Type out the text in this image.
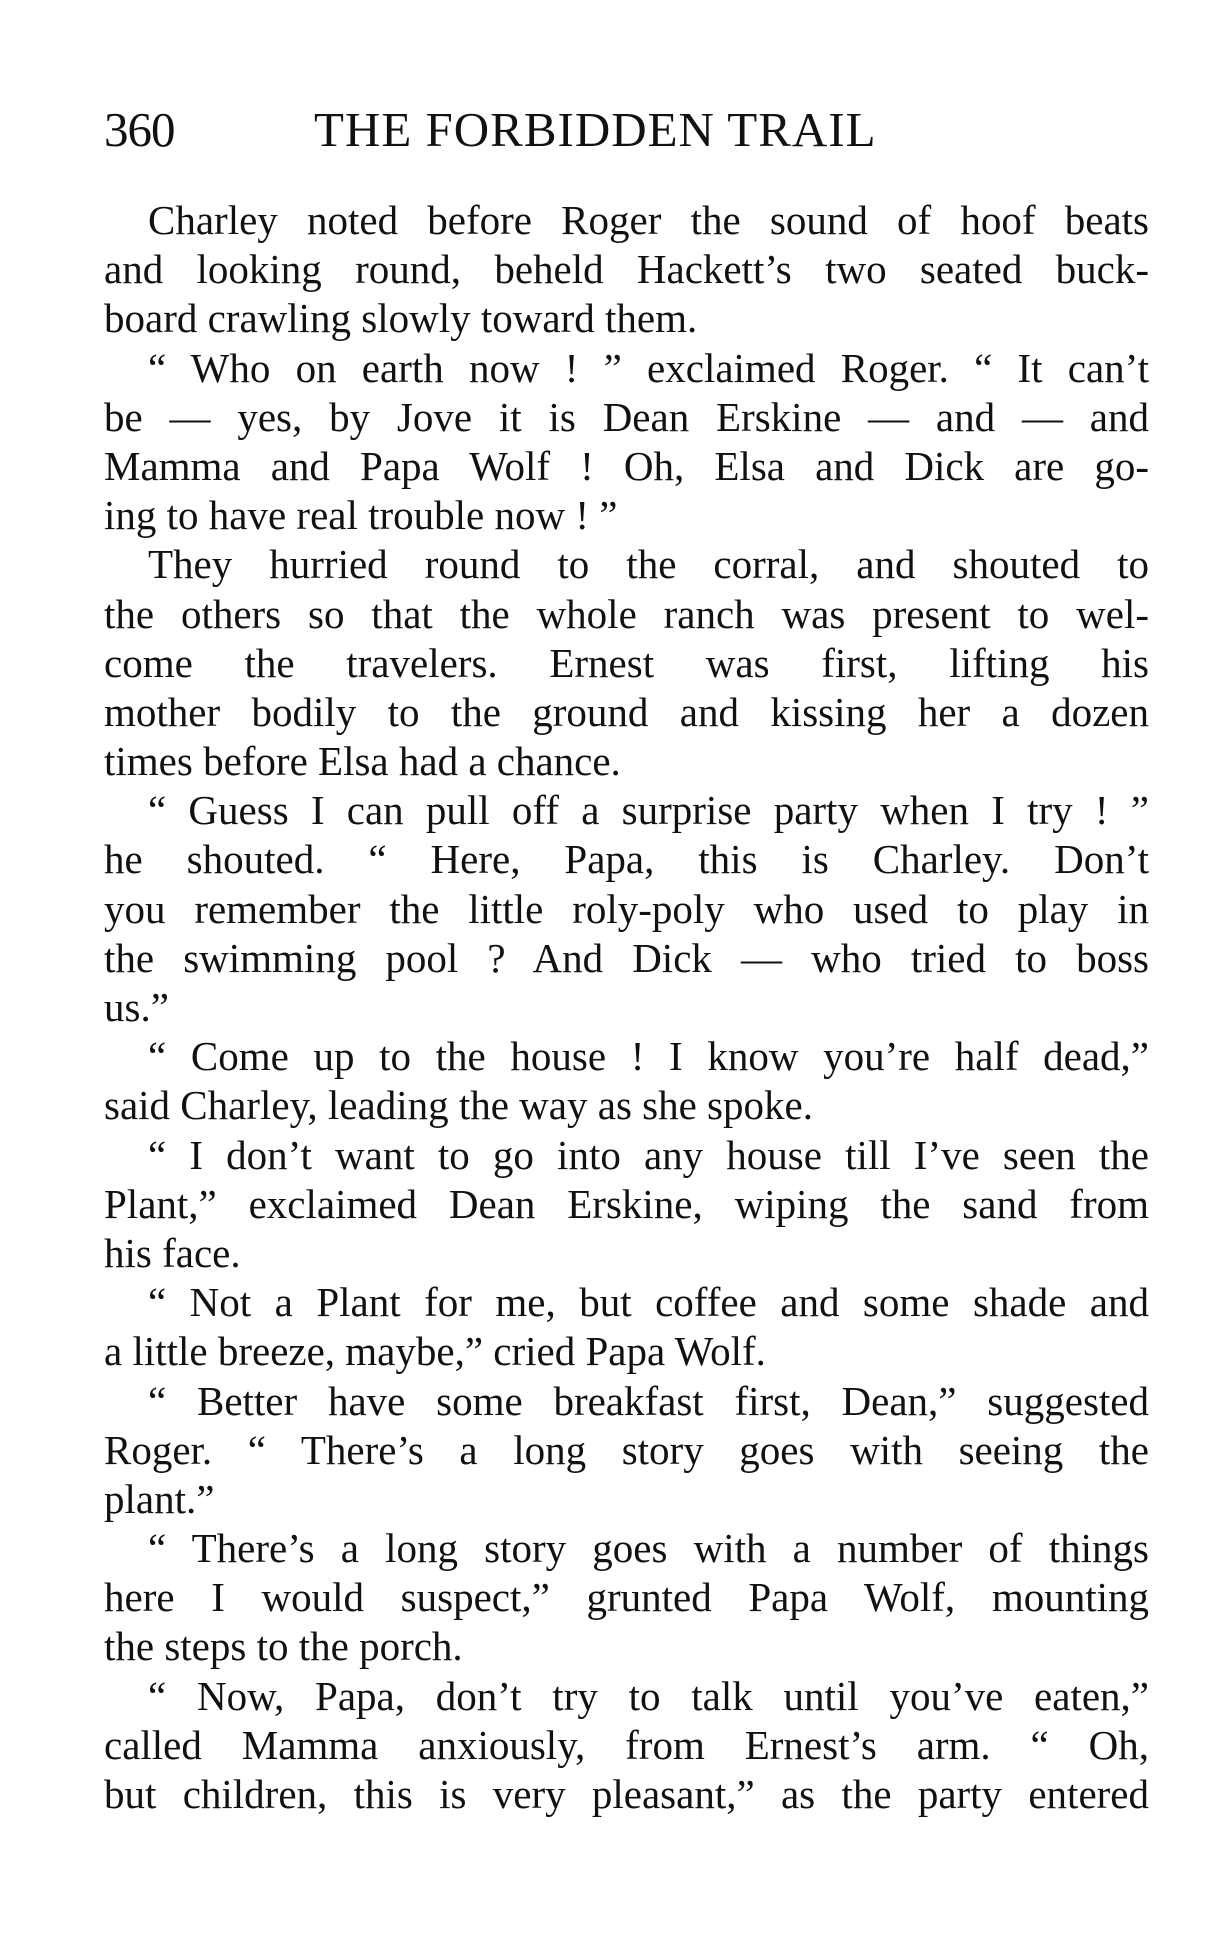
360	THE FORBIDDEN TRAIL
Charley noted before Roger the sound of hoof beats
and looking round, beheld Hackett’s two seated buck-
board crawling slowly toward them.
“ Who on earth now ! ” exclaimed Roger. “ It can’t
be — yes, by Jove it is Dean Erskine — and — and
Mamma and Papa Wolf ! Oh, Elsa and Dick are go-
ing to have real trouble now ! ”
They hurried round to the corral, and shouted to
the others so that the whole ranch was present to wel-
come the travelers. Ernest was first, lifting his
mother bodily to the ground and kissing her a dozen
times before Elsa had a chance.
“ Guess I can pull off a surprise party when I try ! ”
he shouted. “ Here, Papa, this is Charley. Don’t
you remember the little roly-poly who used to play in
the swimming pool ? And Dick — who tried to boss
us.”
“ Come up to the house ! I know you’re half dead,”
said Charley, leading the way as she spoke.
“ I don’t want to go into any house till I’ve seen the
Plant,” exclaimed Dean Erskine, wiping the sand from
his face.
“ Not a Plant for me, but coffee and some shade and
a little breeze, maybe,” cried Papa Wolf.
“ Better have some breakfast first, Dean,” suggested
Roger. “ There’s a long story goes with seeing the
plant.”
“ There’s a long story goes with a number of things
here I would suspect,” grunted Papa Wolf, mounting
the steps to the porch.
“ Now, Papa, don’t try to talk until you’ve eaten,”
called Mamma anxiously, from Ernest’s arm. “ Oh,
but children, this is very pleasant,” as the party entered
